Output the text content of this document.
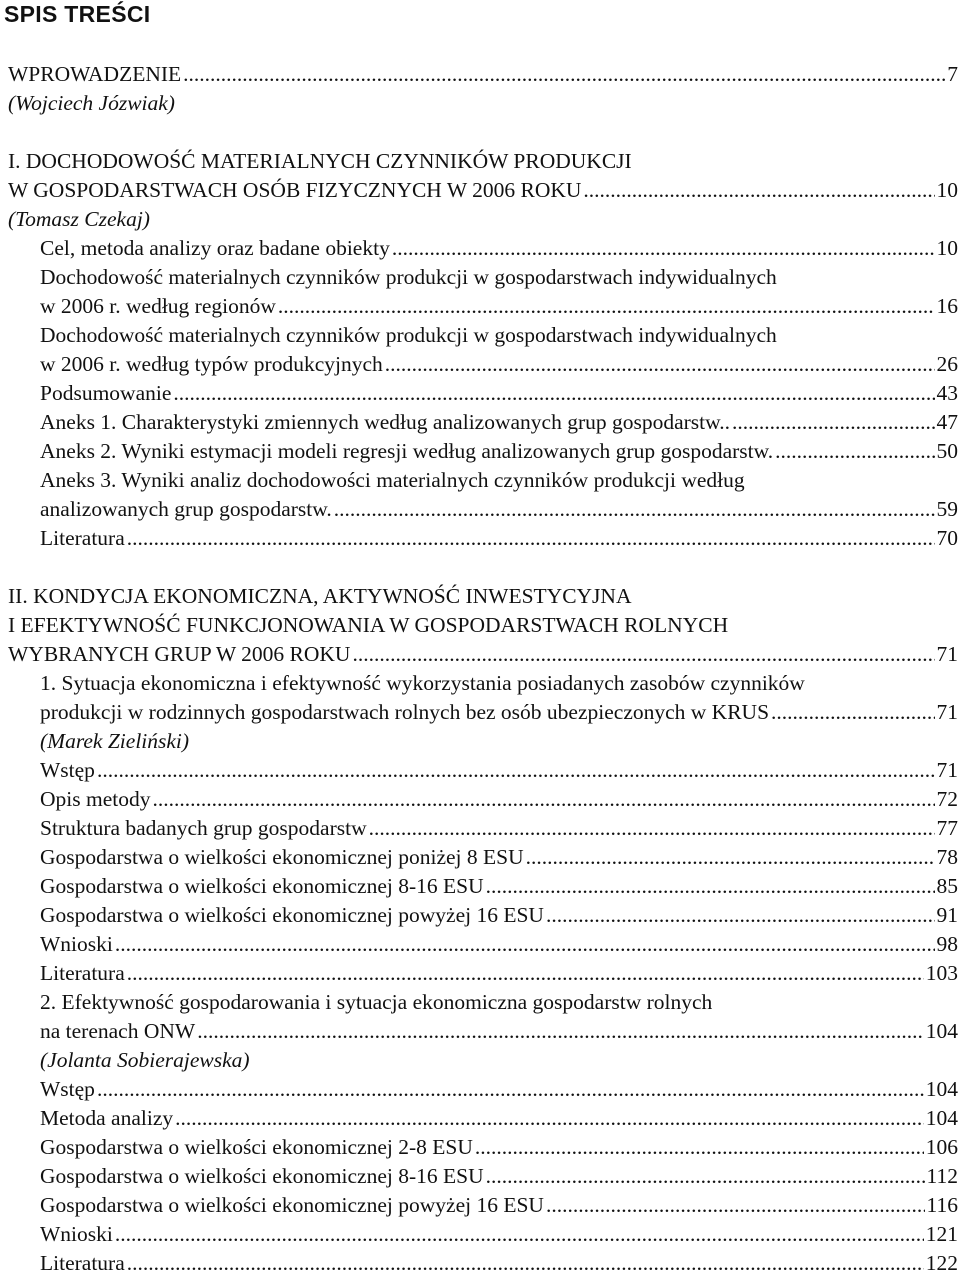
SPIS TREŚCI
WPROWADZENIE .....	7
(Wojciech Józwiak)
I. DOCHODOWOŚĆ MATERIALNYCH CZYNNIKÓW PRODUKCJI
W GOSPODARSTWACH OSÓB FIZYCZNYCH W 2006 ROKU .....	10
(Tomasz Czekaj)
Cel, metoda analizy oraz badane obiekty .....	10
Dochodowość materialnych czynników produkcji w gospodarstwach indywidualnych
w 2006 r. według regionów .....	16
Dochodowość materialnych czynników produkcji w gospodarstwach indywidualnych
w 2006 r. według typów produkcyjnych .....	26
Podsumowanie .....	43
Aneks 1. Charakterystyki zmiennych według analizowanych grup gospodarstw.. .....	47
Aneks 2. Wyniki estymacji modeli regresji według analizowanych grup gospodarstw. .....	50
Aneks 3. Wyniki analiz dochodowości materialnych czynników produkcji według
analizowanych grup gospodarstw. .....	59
Literatura .....	70
II. KONDYCJA EKONOMICZNA, AKTYWNOŚĆ INWESTYCYJNA
I EFEKTYWNOŚĆ FUNKCJONOWANIA W GOSPODARSTWACH ROLNYCH
WYBRANYCH GRUP W 2006 ROKU .....	71
1. Sytuacja ekonomiczna i efektywność wykorzystania posiadanych zasobów czynników
produkcji w rodzinnych gospodarstwach rolnych bez osób ubezpieczonych w KRUS .....	71
(Marek Zieliński)
Wstęp .....	71
Opis metody .....	72
Struktura badanych grup gospodarstw .....	77
Gospodarstwa o wielkości ekonomicznej poniżej 8 ESU .....	78
Gospodarstwa o wielkości ekonomicznej 8-16 ESU .....	85
Gospodarstwa o wielkości ekonomicznej powyżej 16 ESU .....	91
Wnioski .....	98
Literatura .....	103
2. Efektywność gospodarowania i sytuacja ekonomiczna gospodarstw rolnych
na terenach ONW .....	104
(Jolanta Sobierajewska)
Wstęp .....	104
Metoda analizy .....	104
Gospodarstwa o wielkości ekonomicznej 2-8 ESU .....	106
Gospodarstwa o wielkości ekonomicznej 8-16 ESU .....	112
Gospodarstwa o wielkości ekonomicznej powyżej 16 ESU .....	116
Wnioski .....	121
Literatura .....	122
